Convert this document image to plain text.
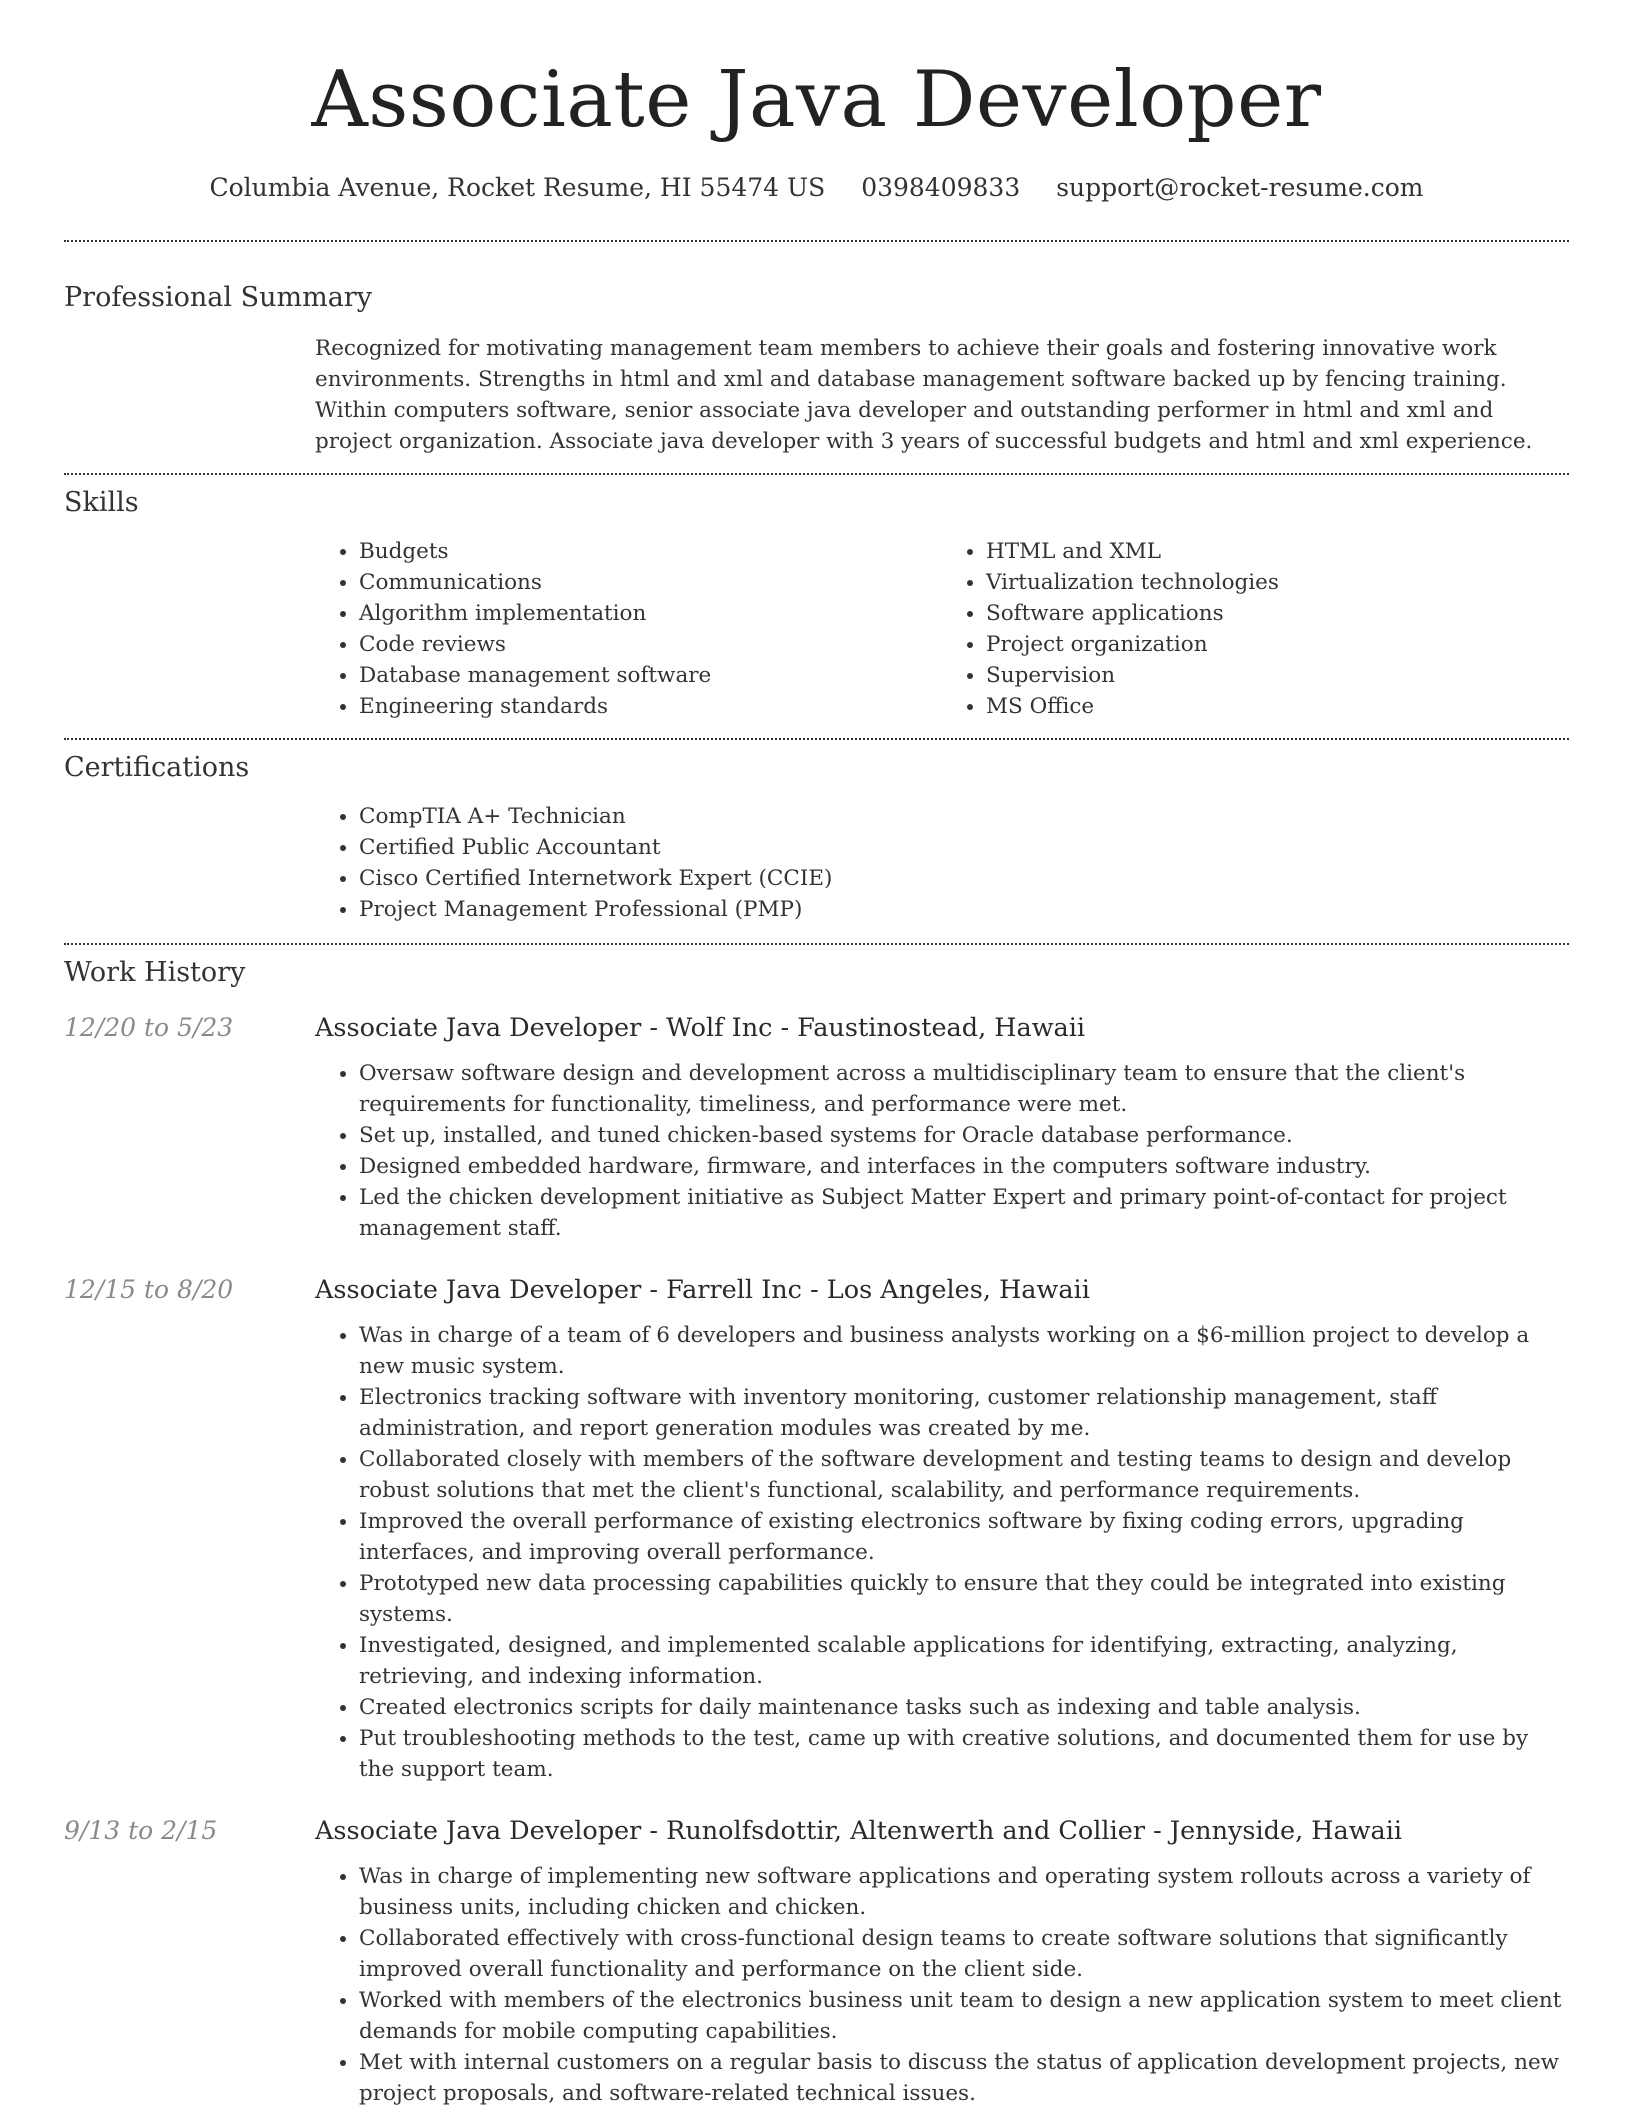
Associate Java Developer
Columbia Avenue, Rocket Resume, HI 55474 US 0398409833 support@rocket-resume.com
Professional Summary
Recognized for motivating management team members to achieve their goals and fostering innovative work environments. Strengths in html and xml and database management software backed up by fencing training. Within computers software, senior associate java developer and outstanding performer in html and xml and project organization. Associate java developer with 3 years of successful budgets and html and xml experience.
Skills
• Budgets
• Communications
• Algorithm implementation
• Code reviews
• Database management software
• Engineering standards
• HTML and XML
• Virtualization technologies
• Software applications
• Project organization
• Supervision
• MS Office
Certifications
• CompTIA A+ Technician
• Certified Public Accountant
• Cisco Certified Internetwork Expert (CCIE)
• Project Management Professional (PMP)
Work History
12/20 to 5/23	Associate Java Developer - Wolf Inc - Faustinostead, Hawaii
• Oversaw software design and development across a multidisciplinary team to ensure that the client's requirements for functionality, timeliness, and performance were met.
• Set up, installed, and tuned chicken-based systems for Oracle database performance.
• Designed embedded hardware, firmware, and interfaces in the computers software industry.
• Led the chicken development initiative as Subject Matter Expert and primary point-of-contact for project management staff.
12/15 to 8/20	Associate Java Developer - Farrell Inc - Los Angeles, Hawaii
• Was in charge of a team of 6 developers and business analysts working on a $6-million project to develop a new music system.
• Electronics tracking software with inventory monitoring, customer relationship management, staff administration, and report generation modules was created by me.
• Collaborated closely with members of the software development and testing teams to design and develop robust solutions that met the client's functional, scalability, and performance requirements.
• Improved the overall performance of existing electronics software by fixing coding errors, upgrading interfaces, and improving overall performance.
• Prototyped new data processing capabilities quickly to ensure that they could be integrated into existing systems.
• Investigated, designed, and implemented scalable applications for identifying, extracting, analyzing, retrieving, and indexing information.
• Created electronics scripts for daily maintenance tasks such as indexing and table analysis.
• Put troubleshooting methods to the test, came up with creative solutions, and documented them for use by the support team.
9/13 to 2/15	Associate Java Developer - Runolfsdottir, Altenwerth and Collier - Jennyside, Hawaii
• Was in charge of implementing new software applications and operating system rollouts across a variety of business units, including chicken and chicken.
• Collaborated effectively with cross-functional design teams to create software solutions that significantly improved overall functionality and performance on the client side.
• Worked with members of the electronics business unit team to design a new application system to meet client demands for mobile computing capabilities.
• Met with internal customers on a regular basis to discuss the status of application development projects, new project proposals, and software-related technical issues.
